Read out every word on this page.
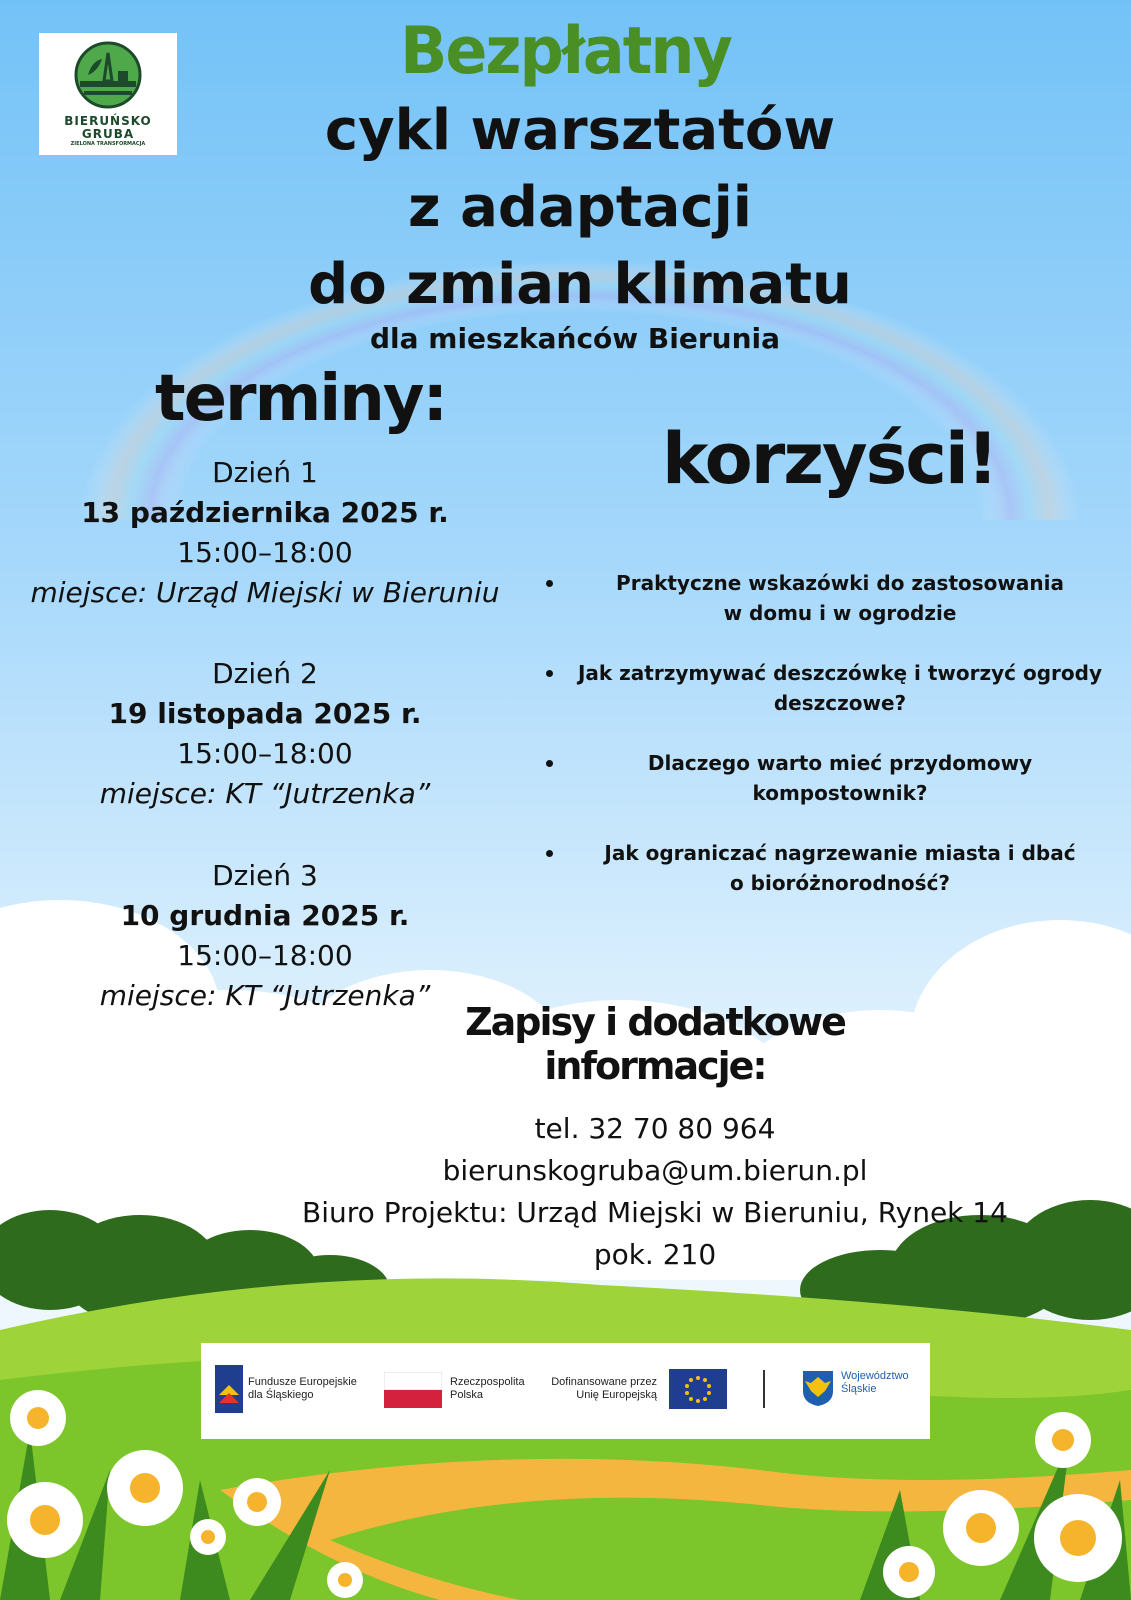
BIERUŃSKO
GRUBA
ZIELONA TRANSFORMACJA
Bezpłatny
cykl warsztatów
z adaptacji
do zmian klimatu
dla mieszkańców Bierunia
terminy:
Dzień 1
13 października 2025 r.
15:00–18:00
miejsce: Urząd Miejski w Bieruniu
Dzień 2
19 listopada 2025 r.
15:00–18:00
miejsce: KT “Jutrzenka”
Dzień 3
10 grudnia 2025 r.
15:00–18:00
miejsce: KT “Jutrzenka”
korzyści!
Praktyczne wskazówki do zastosowania
w domu i w ogrodzie
Jak zatrzymywać deszczówkę i tworzyć ogrody
deszczowe?
Dlaczego warto mieć przydomowy
kompostownik?
Jak ograniczać nagrzewanie miasta i dbać
o bioróżnorodność?
Zapisy i dodatkowe
informacje:
tel. 32 70 80 964
bierunskogruba@um.bierun.pl
Biuro Projektu: Urząd Miejski w Bieruniu, Rynek 14
pok. 210
Fundusze Europejskie
dla Śląskiego
Rzeczpospolita
Polska
Dofinansowane przez
Unię Europejską
Województwo
Śląskie
